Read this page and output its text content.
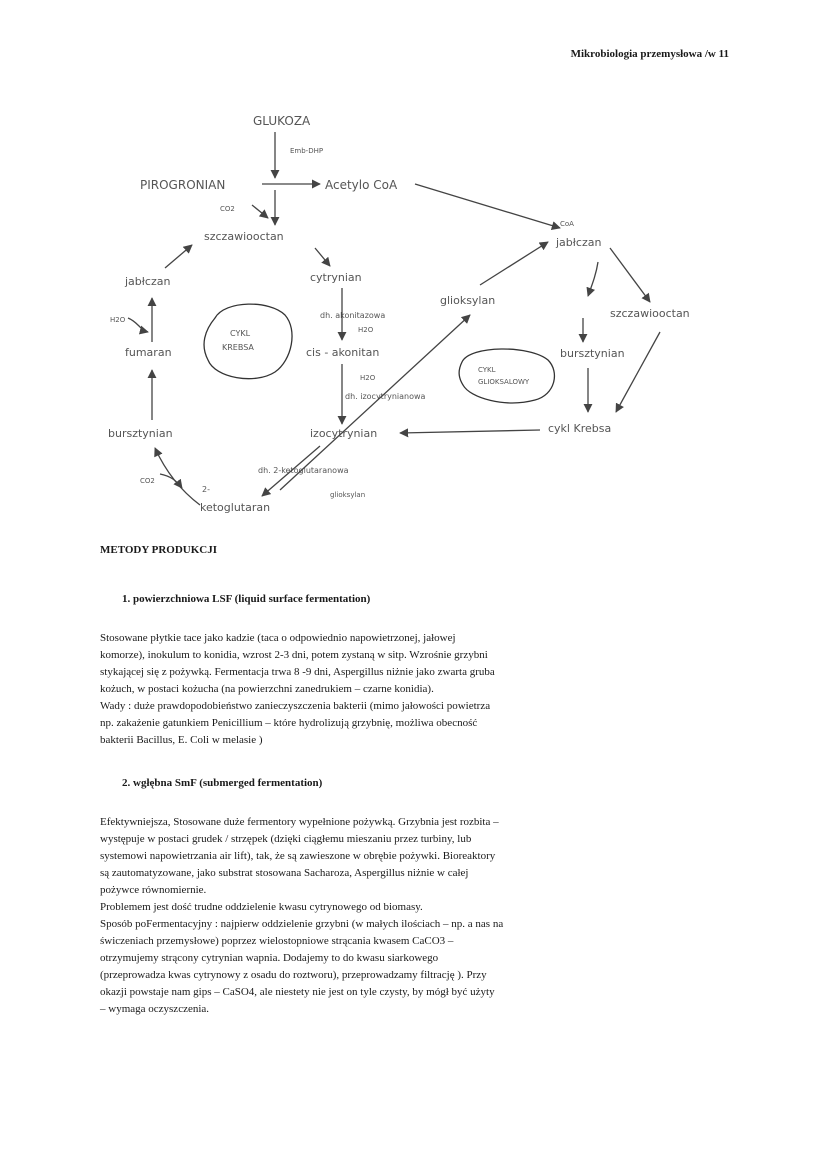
Mikrobiologia przemysłowa /w 11
GLUKOZA
Emb-DHP
PIROGRONIAN	Acetylo CoA
CO2
szczawiooctan
cytrynian
dh. akonitazowa
H2O
cis - akonitan
H2O
dh. izocytrynianowa
izocytrynian
dh. 2-ketoglutaranowa
glioksylan
2-
ketoglutaran
bursztynian
CO2
fumaran
H2O
jabłczan
CYKL
KREBSA
CoA
jabłczan
szczawiooctan
glioksylan
bursztynian
cykl Krebsa
CYKL
GLIOKSALOWY
METODY PRODUKCJI
1. powierzchniowa LSF (liquid surface fermentation)
Stosowane płytkie tace jako kadzie (taca o odpowiednio napowietrzonej, jałowej
komorze), inokulum to konidia, wzrost 2-3 dni, potem zystaną w sitp. Wzrośnie grzybni
stykającej się z pożywką. Fermentacja trwa 8 -9 dni, Aspergillus niżnie jako zwarta gruba
kożuch, w postaci kożucha (na powierzchni zanedrukiem – czarne konidia).
Wady : duże prawdopodobieństwo zanieczyszczenia bakterii (mimo jałowości powietrza
np. zakażenie gatunkiem Penicillium – które hydrolizują grzybnię, możliwa obecność
bakterii Bacillus, E. Coli w melasie )
2. wgłębna SmF (submerged fermentation)
Efektywniejsza, Stosowane duże fermentory wypełnione pożywką. Grzybnia jest rozbita –
występuje w postaci grudek / strzępek (dzięki ciągłemu mieszaniu przez turbiny, lub
systemowi napowietrzania air lift), tak, że są zawieszone w obrębie pożywki. Bioreaktory
są zautomatyzowane, jako substrat stosowana Sacharoza, Aspergillus niżnie w całej
pożywce równomiernie.
Problemem jest dość trudne oddzielenie kwasu cytrynowego od biomasy.
Sposób poFermentacyjny : najpierw oddzielenie grzybni (w małych ilościach – np. a nas na
świczeniach przemysłowe) poprzez wielostopniowe strącania kwasem CaCO3 –
otrzymujemy strącony cytrynian wapnia. Dodajemy to do kwasu siarkowego
(przeprowadza kwas cytrynowy z osadu do roztworu), przeprowadzamy filtrację ). Przy
okazji powstaje nam gips – CaSO4, ale niestety nie jest on tyle czysty, by mógł być użyty
– wymaga oczyszczenia.
